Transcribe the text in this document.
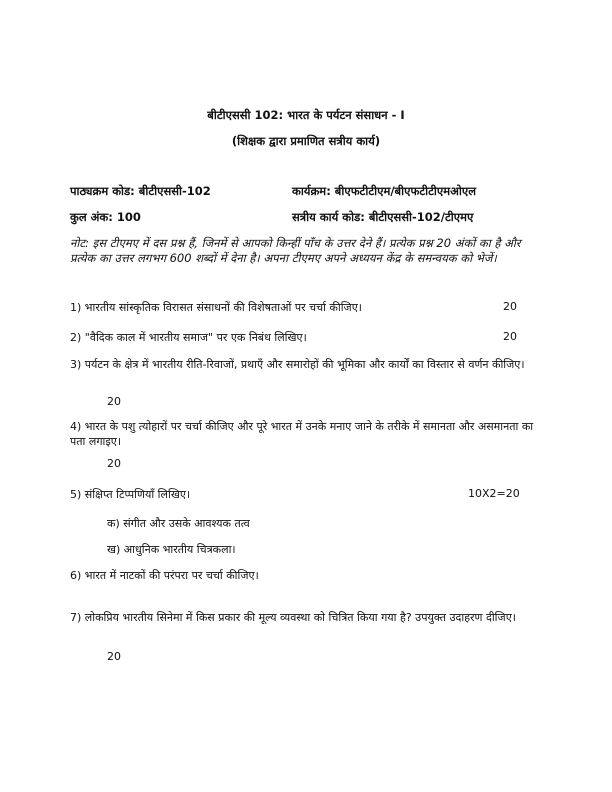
बीटीएससी 102: भारत के पर्यटन संसाधन - I
(शिक्षक द्वारा प्रमाणित सत्रीय कार्य)
पाठ्यक्रम कोड: बीटीएससी-102	कार्यक्रम: बीएफटीटीएम/बीएफटीटीएमओएल
कुल अंक: 100	सत्रीय कार्य कोड: बीटीएससी-102/टीएमए
नोट: इस टीएमए में दस प्रश्न हैं, जिनमें से आपको किन्हीं पाँच के उत्तर देने हैं। प्रत्येक प्रश्न 20 अंकों का है और प्रत्येक का उत्तर लगभग 600 शब्दों में देना है। अपना टीएमए अपने अध्ययन केंद्र के समन्वयक को भेजें।
1) भारतीय सांस्कृतिक विरासत संसाधनों की विशेषताओं पर चर्चा कीजिए।	20
2) "वैदिक काल में भारतीय समाज" पर एक निबंध लिखिए।	20
3) पर्यटन के क्षेत्र में भारतीय रीति-रिवाजों, प्रथाएँ और समारोहों की भूमिका और कार्यों का विस्तार से वर्णन कीजिए।
20
4) भारत के पशु त्योहारों पर चर्चा कीजिए और पूरे भारत में उनके मनाए जाने के तरीके में समानता और असमानता का पता लगाइए।
20
5) संक्षिप्त टिप्पणियाँ लिखिए।	10X2=20
क) संगीत और उसके आवश्यक तत्व
ख) आधुनिक भारतीय चित्रकला।
6) भारत में नाटकों की परंपरा पर चर्चा कीजिए।
7) लोकप्रिय भारतीय सिनेमा में किस प्रकार की मूल्य व्यवस्था को चित्रित किया गया है? उपयुक्त उदाहरण दीजिए।
20
